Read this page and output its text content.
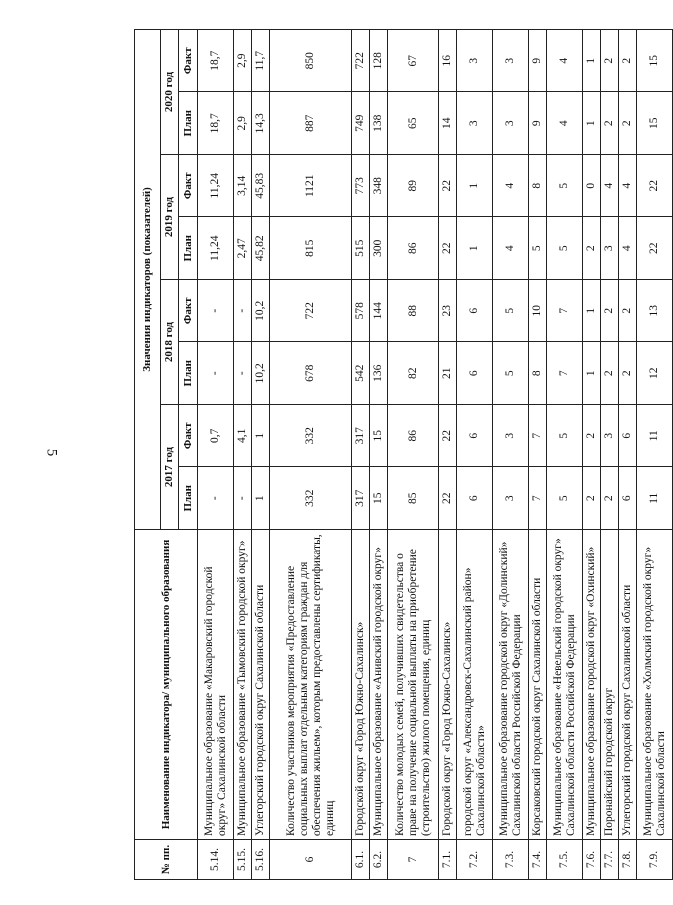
5
№ пп.	Наименование индикатора/ муниципального образования	Значения индикаторов (показателей)							
		2017 год		2018 год		2019 год		2020 год	
		План	Факт	План	Факт	План	Факт	План	Факт
5.14.	Муниципальное образование «Макаровский городской округ» Сахалинской области	-	0,7	-	-	11,24	11,24	18,7	18,7
5.15.	Муниципальное образование «Тымовский городской округ»	-	4,1	-	-	2,47	3,14	2,9	2,9
5.16.	Углегорский городской округ Сахалинской области	1	1	10,2	10,2	45,82	45,83	14,3	11,7
6	Количество участников мероприятия «Предоставление социальных выплат отдельным категориям граждан для обеспечения жильем», которым предоставлены сертификаты, единиц	332	332	678	722	815	1121	887	850
6.1.	Городской округ «Город Южно-Сахалинск»	317	317	542	578	515	773	749	722
6.2.	Муниципальное образование «Анивский городской округ»	15	15	136	144	300	348	138	128
7	Количество молодых семей, получивших свидетельства о праве на получение социальной выплаты на приобретение (строительство) жилого помещения, единиц	85	86	82	88	86	89	65	67
7.1.	Городской округ «Город Южно-Сахалинск»	22	22	21	23	22	22	14	16
7.2.	городской округ «Александровск-Сахалинский район» Сахалинской области»	6	6	6	6	1	1	3	3
7.3.	Муниципальное образование городской округ «Долинский» Сахалинской области Российской Федерации	3	3	5	5	4	4	3	3
7.4.	Корсаковский городской округ Сахалинской области	7	7	8	10	5	8	9	9
7.5.	Муниципальное образование «Невельский городской округ» Сахалинской области Российской Федерации	5	5	7	7	5	5	4	4
7.6.	Муниципальное образование городской округ «Охинский»	2	2	1	1	2	0	1	1
7.7.	Поронайский городской округ	2	3	2	2	3	4	2	2
7.8.	Углегорский городской округ Сахалинской области	6	6	2	2	4	4	2	2
7.9.	Муниципальное образование «Холмский городской округ» Сахалинской области	11	11	12	13	22	22	15	15
